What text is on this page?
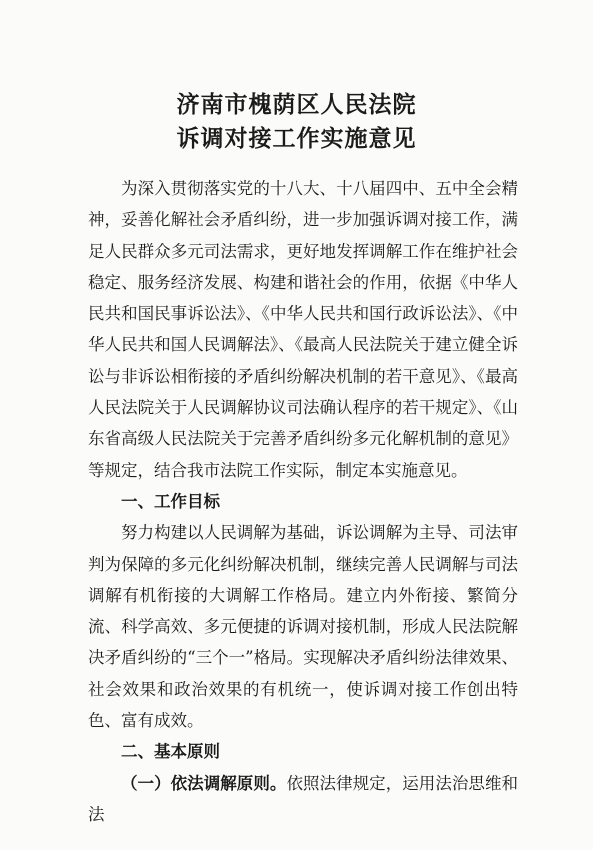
济南市槐荫区人民法院
诉调对接工作实施意见

为深入贯彻落实党的十八大、十八届四中、五中全会精神，妥善化解社会矛盾纠纷，进一步加强诉调对接工作，满足人民群众多元司法需求，更好地发挥调解工作在维护社会稳定、服务经济发展、构建和谐社会的作用，依据《中华人民共和国民事诉讼法》、《中华人民共和国行政诉讼法》、《中华人民共和国人民调解法》、《最高人民法院关于建立健全诉讼与非诉讼相衔接的矛盾纠纷解决机制的若干意见》、《最高人民法院关于人民调解协议司法确认程序的若干规定》、《山东省高级人民法院关于完善矛盾纠纷多元化解机制的意见》等规定，结合我市法院工作实际，制定本实施意见。

一、工作目标

努力构建以人民调解为基础，诉讼调解为主导、司法审判为保障的多元化纠纷解决机制，继续完善人民调解与司法调解有机衔接的大调解工作格局。建立内外衔接、繁简分流、科学高效、多元便捷的诉调对接机制，形成人民法院解决矛盾纠纷的“三个一”格局。实现解决矛盾纠纷法律效果、社会效果和政治效果的有机统一，使诉调对接工作创出特色、富有成效。

二、基本原则

（一）依法调解原则。依照法律规定，运用法治思维和法
